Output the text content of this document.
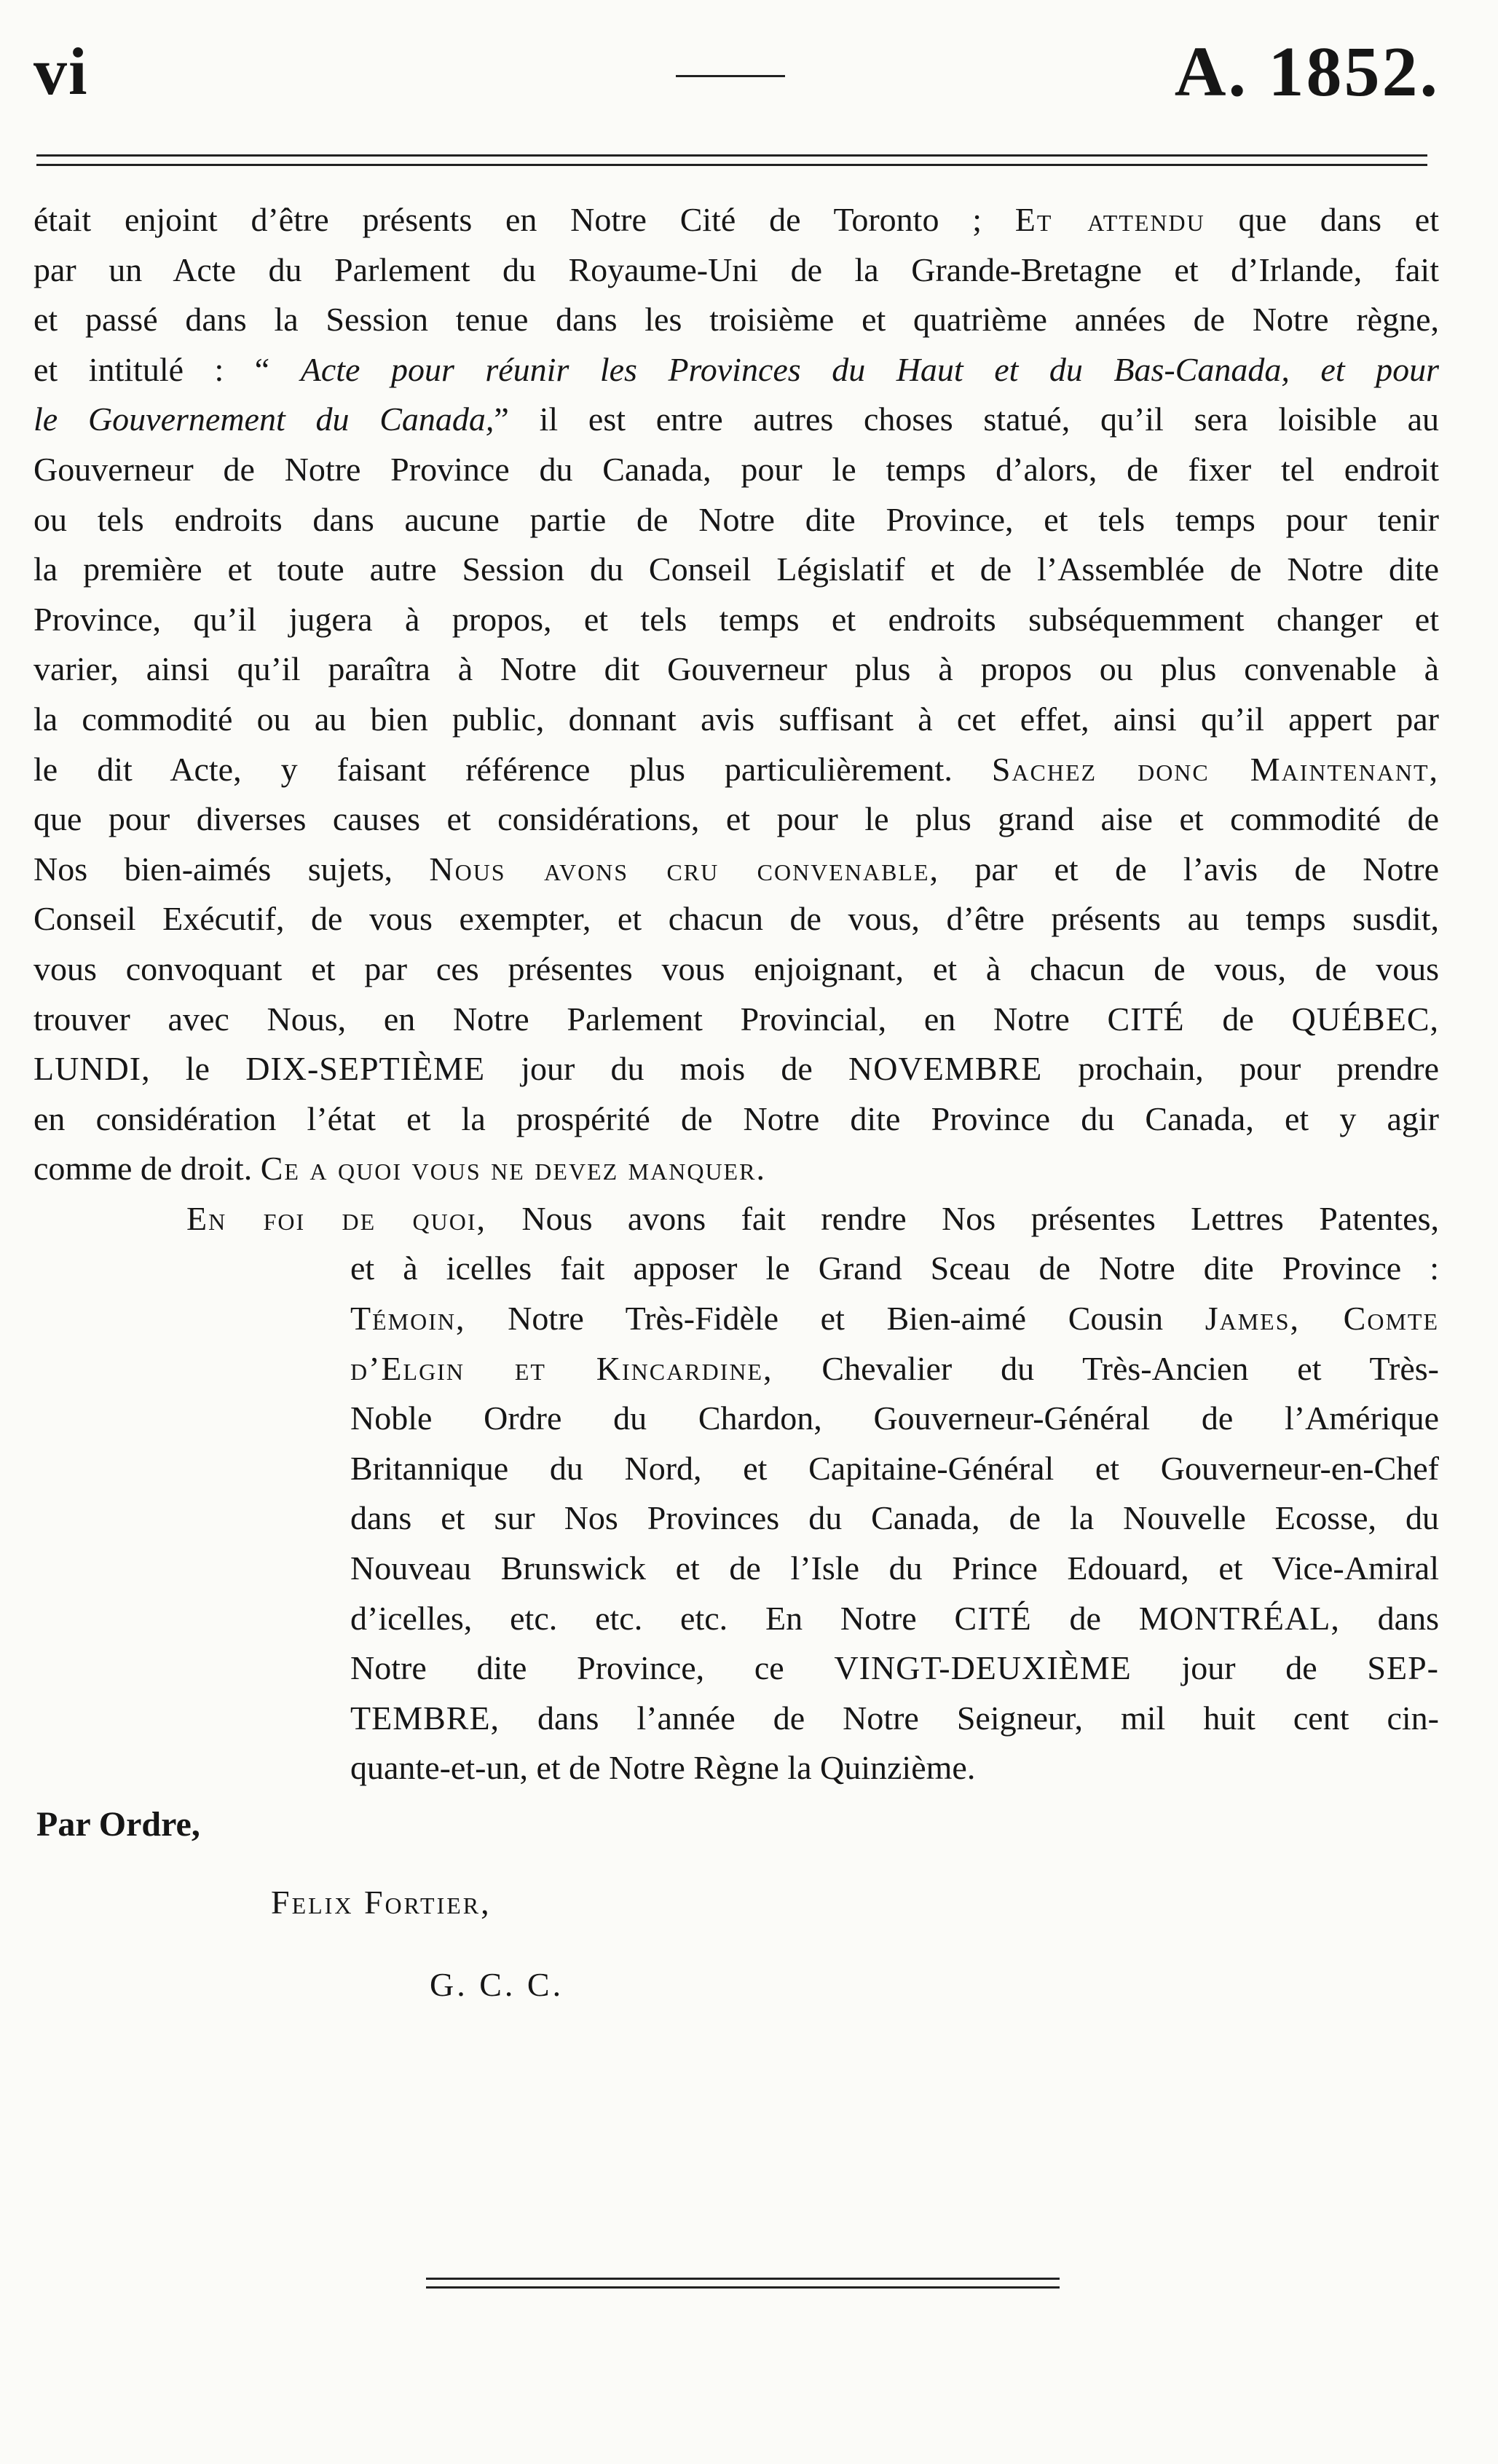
vi	A. 1852.
était enjoint d’être présents en Notre Cité de Toronto ; Et attendu que dans et
par un Acte du Parlement du Royaume-Uni de la Grande-Bretagne et d’Irlande, fait
et passé dans la Session tenue dans les troisième et quatrième années de Notre règne,
et intitulé : “ Acte pour réunir les Provinces du Haut et du Bas-Canada, et pour
le Gouvernement du Canada,” il est entre autres choses statué, qu’il sera loisible au
Gouverneur de Notre Province du Canada, pour le temps d’alors, de fixer tel endroit
ou tels endroits dans aucune partie de Notre dite Province, et tels temps pour tenir
la première et toute autre Session du Conseil Législatif et de l’Assemblée de Notre dite
Province, qu’il jugera à propos, et tels temps et endroits subséquemment changer et
varier, ainsi qu’il paraîtra à Notre dit Gouverneur plus à propos ou plus convenable à
la commodité ou au bien public, donnant avis suffisant à cet effet, ainsi qu’il appert par
le dit Acte, y faisant référence plus particulièrement. Sachez donc Maintenant,
que pour diverses causes et considérations, et pour le plus grand aise et commodité de
Nos bien-aimés sujets, Nous avons cru convenable, par et de l’avis de Notre
Conseil Exécutif, de vous exempter, et chacun de vous, d’être présents au temps susdit,
vous convoquant et par ces présentes vous enjoignant, et à chacun de vous, de vous
trouver avec Nous, en Notre Parlement Provincial, en Notre CITÉ de QUÉBEC,
LUNDI, le DIX-SEPTIÈME jour du mois de NOVEMBRE prochain, pour prendre
en considération l’état et la prospérité de Notre dite Province du Canada, et y agir
comme de droit. Ce a quoi vous ne devez manquer.
En foi de quoi, Nous avons fait rendre Nos présentes Lettres Patentes,
et à icelles fait apposer le Grand Sceau de Notre dite Province :
Témoin, Notre Très-Fidèle et Bien-aimé Cousin James, Comte
d’Elgin et Kincardine, Chevalier du Très-Ancien et Très-
Noble Ordre du Chardon, Gouverneur-Général de l’Amérique
Britannique du Nord, et Capitaine-Général et Gouverneur-en-Chef
dans et sur Nos Provinces du Canada, de la Nouvelle Ecosse, du
Nouveau Brunswick et de l’Isle du Prince Edouard, et Vice-Amiral
d’icelles, etc. etc. etc. En Notre CITÉ de MONTRÉAL, dans
Notre dite Province, ce VINGT-DEUXIÈME jour de SEP-
TEMBRE, dans l’année de Notre Seigneur, mil huit cent cin-
quante-et-un, et de Notre Règne la Quinzième.
Par Ordre,
Felix Fortier,
G. C. C.
